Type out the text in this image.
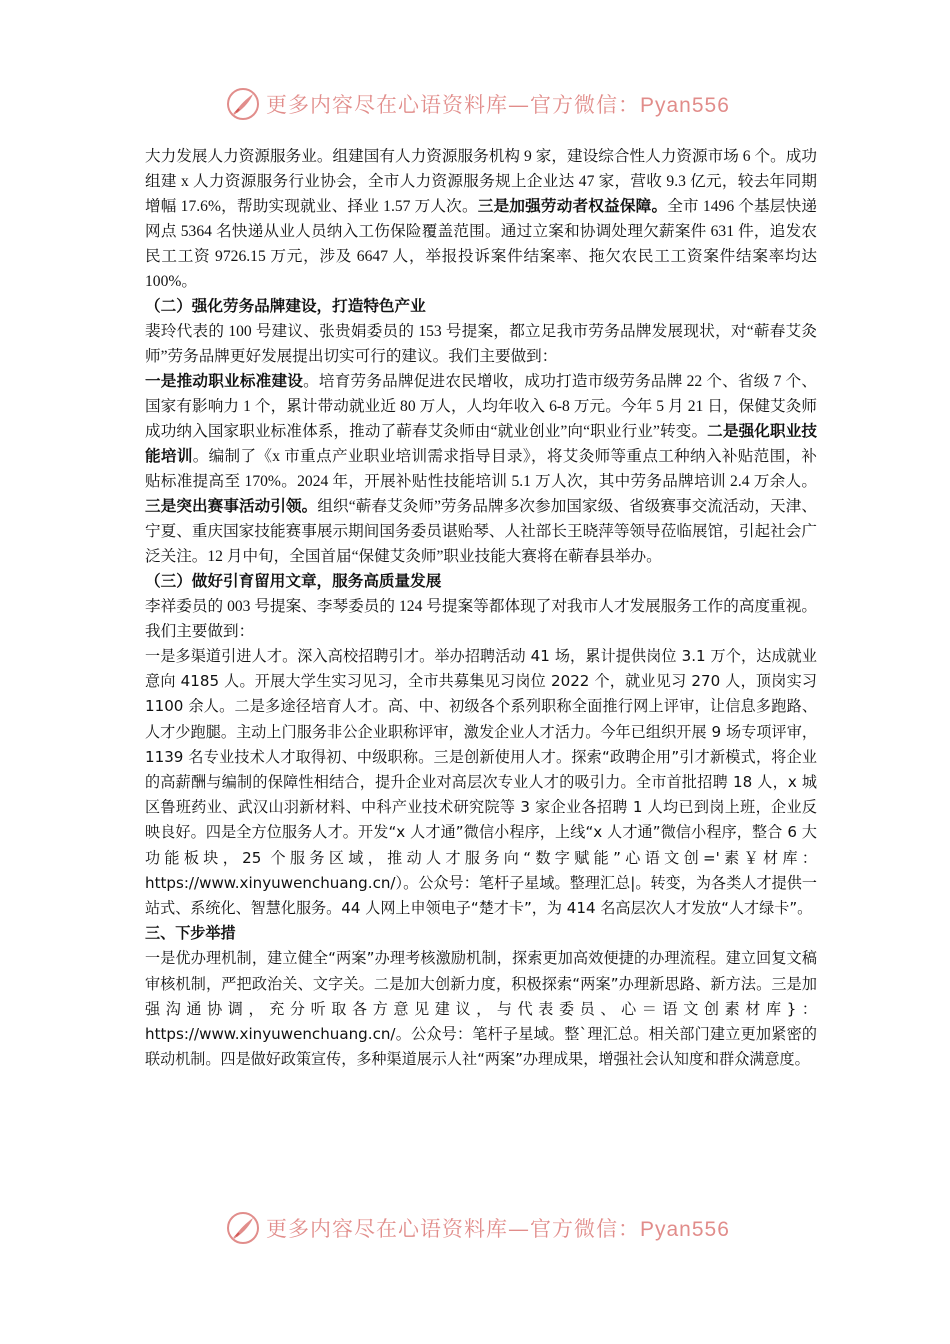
更多内容尽在心语资料库—官方微信：Pyan556

大力发展人力资源服务业。组建国有人力资源服务机构 9 家，建设综合性人力资源市场 6 个。成功组建 x 人力资源服务行业协会，全市人力资源服务规上企业达 47 家，营收 9.3 亿元，较去年同期增幅 17.6%，帮助实现就业、择业 1.57 万人次。三是加强劳动者权益保障。全市 1496 个基层快递网点 5364 名快递从业人员纳入工伤保险覆盖范围。通过立案和协调处理欠薪案件 631 件，追发农民工工资 9726.15 万元，涉及 6647 人，举报投诉案件结案率、拖欠农民工工资案件结案率均达 100%。

（二）强化劳务品牌建设，打造特色产业

裴玲代表的 100 号建议、张贵娟委员的 153 号提案，都立足我市劳务品牌发展现状，对“蕲春艾灸师”劳务品牌更好发展提出切实可行的建议。我们主要做到：

一是推动职业标准建设。培育劳务品牌促进农民增收，成功打造市级劳务品牌 22 个、省级 7 个、国家有影响力 1 个，累计带动就业近 80 万人，人均年收入 6-8 万元。今年 5 月 21 日，保健艾灸师成功纳入国家职业标准体系，推动了蕲春艾灸师由“就业创业”向“职业行业”转变。二是强化职业技能培训。编制了《x 市重点产业职业培训需求指导目录》，将艾灸师等重点工种纳入补贴范围，补贴标准提高至 170%。2024 年，开展补贴性技能培训 5.1 万人次，其中劳务品牌培训 2.4 万余人。三是突出赛事活动引领。组织“蕲春艾灸师”劳务品牌多次参加国家级、省级赛事交流活动，天津、宁夏、重庆国家技能赛事展示期间国务委员谌贻琴、人社部长王晓萍等领导莅临展馆，引起社会广泛关注。12 月中旬，全国首届“保健艾灸师”职业技能大赛将在蕲春县举办。

（三）做好引育留用文章，服务高质量发展

李祥委员的 003 号提案、李琴委员的 124 号提案等都体现了对我市人才发展服务工作的高度重视。我们主要做到：

一是多渠道引进人才。深入高校招聘引才。举办招聘活动 41 场，累计提供岗位 3.1 万个，达成就业意向 4185 人。开展大学生实习见习，全市共募集见习岗位 2022 个，就业见习 270 人，顶岗实习 1100 余人。二是多途径培育人才。高、中、初级各个系列职称全面推行网上评审，让信息多跑路、人才少跑腿。主动上门服务非公企业职称评审，激发企业人才活力。今年已组织开展 9 场专项评审，1139 名专业技术人才取得初、中级职称。三是创新使用人才。探索“政聘企用”引才新模式，将企业的高薪酬与编制的保障性相结合，提升企业对高层次专业人才的吸引力。全市首批招聘 18 人，x 城区鲁班药业、武汉山羽新材料、中科产业技术研究院等 3 家企业各招聘 1 人均已到岗上班，企业反映良好。四是全方位服务人才。开发“x 人才通”微信小程序，上线“x 人才通”微信小程序，整合 6 大功能板块，25 个服务区域，推动人才服务向“数字赋能”心语文创='素￥材库：https://www.xinyuwenchuang.cn/）。公众号：笔杆子星域。整理汇总|。转变，为各类人才提供一站式、系统化、智慧化服务。44 人网上申领电子“楚才卡”，为 414 名高层次人才发放“人才绿卡”。

三、下步举措

一是优办理机制，建立健全“两案”办理考核激励机制，探索更加高效便捷的办理流程。建立回复文稿审核机制，严把政治关、文字关。二是加大创新力度，积极探索“两案”办理新思路、新方法。三是加强沟通协调，充分听取各方意见建议，与代表委员、心＝语文创素材库}：https://www.xinyuwenchuang.cn/。公众号：笔杆子星域。整`理汇总。相关部门建立更加紧密的联动机制。四是做好政策宣传，多种渠道展示人社“两案”办理成果，增强社会认知度和群众满意度。

更多内容尽在心语资料库—官方微信：Pyan556
